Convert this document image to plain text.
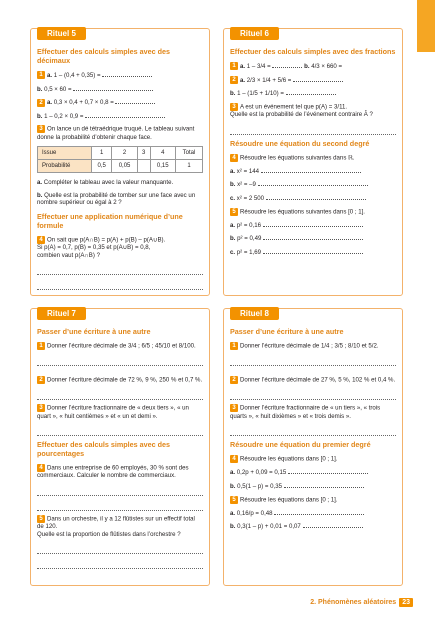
Rituel 5
Effectuer des calculs simples avec des décimaux
1 a. 1 – (0,4 + 0,35) =
b. 0,5 × 60 =
2 a. 0,3 × 0,4 + 0,7 × 0,8 =
b. 1 – 0,2 × 0,9 =
3 On lance un dé tétraédrique truqué. Le tableau suivant donne la probabilité d’obtenir chaque face.
Issue	1	2	3	4	Total
Probabilité	0,5	0,05		0,15	1
a. Compléter le tableau avec la valeur manquante.
b. Quelle est la probabilité de tomber sur une face avec un nombre supérieur ou égal à 2 ?
Effectuer une application numérique d’une formule
4 On sait que p(A∩B) = p(A) + p(B) – p(A∪B).
Si p(A) = 0,7, p(B) = 0,35 et p(A∪B) = 0,8,
combien vaut p(A∩B) ?
Rituel 6
Effectuer des calculs simples avec des fractions
1 a. 1 – 3/4 =	b. 4/3 × 660 =
2 a. 2/3 × 1/4 + 5/6 =
b. 1 – (1/5 + 1/10) =
3 A est un événement tel que p(A) = 3/11.
Quelle est la probabilité de l’événement contraire Ā ?
Résoudre une équation du second degré
4 Résoudre les équations suivantes dans ℝ.
a. x² = 144
b. x² = –9
c. x² = 2 500
5 Résoudre les équations suivantes dans [0 ; 1].
a. p² = 0,16
b. p² = 0,49
c. p² = 1,69
Rituel 7
Passer d’une écriture à une autre
1 Donner l’écriture décimale de 3/4 ; 6/5 ; 45/10 et 8/100.
2 Donner l’écriture décimale de 72 %, 9 %, 250 % et 0,7 %.
3 Donner l’écriture fractionnaire de « deux tiers », « un quart », « huit centièmes » et « un et demi ».
Effectuer des calculs simples avec des pourcentages
4 Dans une entreprise de 60 employés, 30 % sont des commerciaux. Calculer le nombre de commerciaux.
5 Dans un orchestre, il y a 12 flûtistes sur un effectif total de 120.
Quelle est la proportion de flûtistes dans l’orchestre ?
Rituel 8
Passer d’une écriture à une autre
1 Donner l’écriture décimale de 1/4 ; 3/5 ; 8/10 et 5/2.
2 Donner l’écriture décimale de 27 %, 5 %, 102 % et 0,4 %.
3 Donner l’écriture fractionnaire de « un tiers », « trois quarts », « huit dixièmes » et « trois demis ».
Résoudre une équation du premier degré
4 Résoudre les équations dans [0 ; 1].
a. 0,2p + 0,09 = 0,15
b. 0,5(1 – p) = 0,35
5 Résoudre les équations dans [0 ; 1].
a. 0,16/p = 0,48
b. 0,3(1 – p) + 0,01 = 0,07
2. Phénomènes aléatoires 23
